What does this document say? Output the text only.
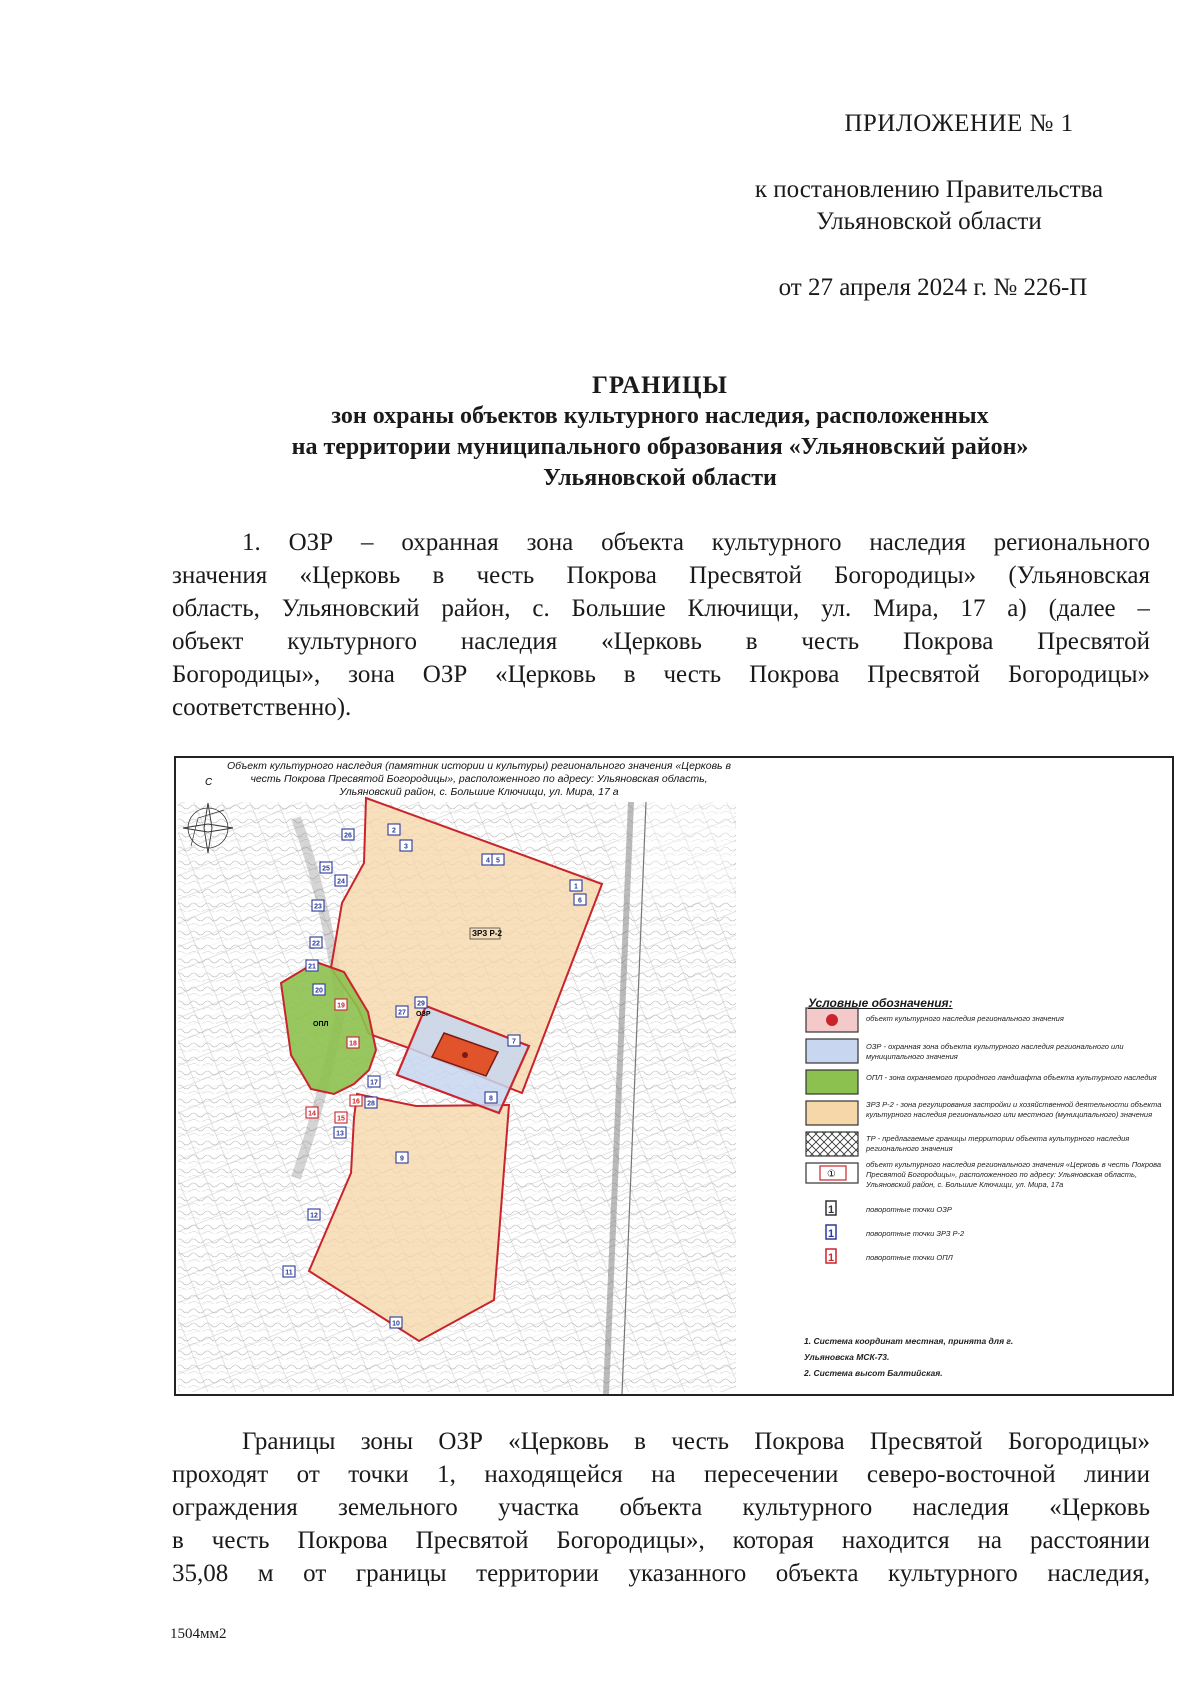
ПРИЛОЖЕНИЕ № 1
к постановлению Правительства
Ульяновской области
от 27 апреля 2024 г. № 226-П
ГРАНИЦЫ
зон охраны объектов культурного наследия, расположенных
на территории муниципального образования «Ульяновский район»
Ульяновской области

1. ОЗР – охранная зона объекта культурного наследия регионального

значения «Церковь в честь Покрова Пресвятой Богородицы» (Ульяновская

область, Ульяновский район, с. Большие Ключищи, ул. Мира, 17 а) (далее –

объект культурного наследия «Церковь в честь Покрова Пресвятой

Богородицы», зона ОЗР «Церковь в честь Покрова Пресвятой Богородицы»

соответственно).

ЗРЗ Р-2
ОЗР
ОПЛ
С
1
2
3
4 5
6
7
8
9
10
11
12
13
14
15
16
17
18
19
20
21
22
23
24
25
26
27
28
29
①
1
1
1
Объект культурного наследия (памятник истории и культуры) регионального значения «Церковь в
честь Покрова Пресвятой Богородицы», расположенного по адресу: Ульяновская область,
Ульяновский район, с. Большие Ключищи, ул. Мира, 17 а
Условные обозначения:
объект культурного наследия регионального значения
ОЗР - охранная зона объекта культурного наследия регионального или муниципального значения
ОПЛ - зона охраняемого природного ландшафта объекта культурного наследия
ЗРЗ Р-2 - зона регулирования застройки и хозяйственной деятельности объекта культурного наследия регионального или местного (муниципального) значения
ТР - предлагаемые границы территории объекта культурного наследия регионального значения
объект культурного наследия регионального значения «Церковь в честь Покрова Пресвятой Богородицы», расположенного по адресу: Ульяновская область, Ульяновский район, с. Большие Ключищи, ул. Мира, 17а
поворотные точки ОЗР
поворотные точки ЗРЗ Р-2
поворотные точки ОПЛ
1. Система координат местная, принята для г.
Ульяновска МСК-73.
2. Система высот Балтийская.

Границы зоны ОЗР «Церковь в честь Покрова Пресвятой Богородицы»

проходят от точки 1, находящейся на пересечении северо-восточной линии

ограждения земельного участка объекта культурного наследия «Церковь

в честь Покрова Пресвятой Богородицы», которая находится на расстоянии

35,08 м от границы территории указанного объекта культурного наследия,

1504мм2
